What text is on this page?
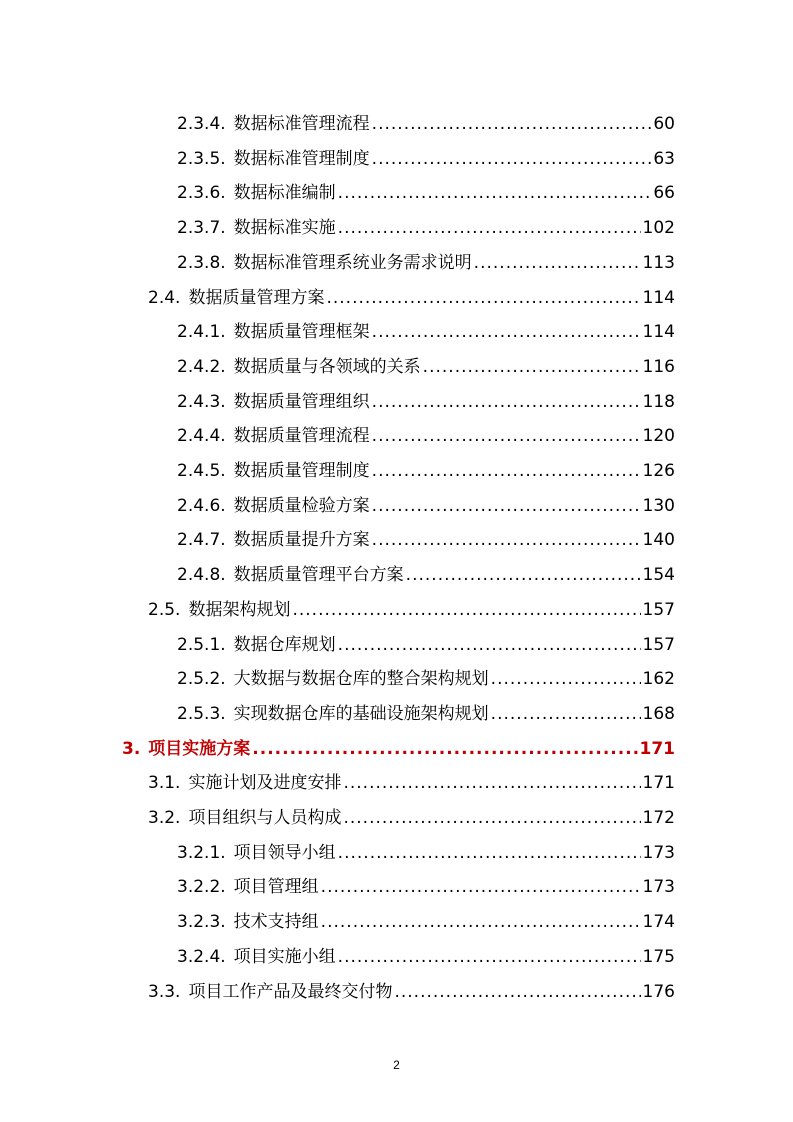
2.3.4. 数据标准管理流程 .....	60
2.3.5. 数据标准管理制度 .....	63
2.3.6. 数据标准编制 .....	66
2.3.7. 数据标准实施 .....	102
2.3.8. 数据标准管理系统业务需求说明 .....	113
2.4. 数据质量管理方案 .....	114
2.4.1. 数据质量管理框架 .....	114
2.4.2. 数据质量与各领域的关系 .....	116
2.4.3. 数据质量管理组织 .....	118
2.4.4. 数据质量管理流程 .....	120
2.4.5. 数据质量管理制度 .....	126
2.4.6. 数据质量检验方案 .....	130
2.4.7. 数据质量提升方案 .....	140
2.4.8. 数据质量管理平台方案 .....	154
2.5. 数据架构规划 .....	157
2.5.1. 数据仓库规划 .....	157
2.5.2. 大数据与数据仓库的整合架构规划 .....	162
2.5.3. 实现数据仓库的基础设施架构规划 .....	168
3. 项目实施方案 .....	171
3.1. 实施计划及进度安排 .....	171
3.2. 项目组织与人员构成 .....	172
3.2.1. 项目领导小组 .....	173
3.2.2. 项目管理组 .....	173
3.2.3. 技术支持组 .....	174
3.2.4. 项目实施小组 .....	175
3.3. 项目工作产品及最终交付物 .....	176
2
